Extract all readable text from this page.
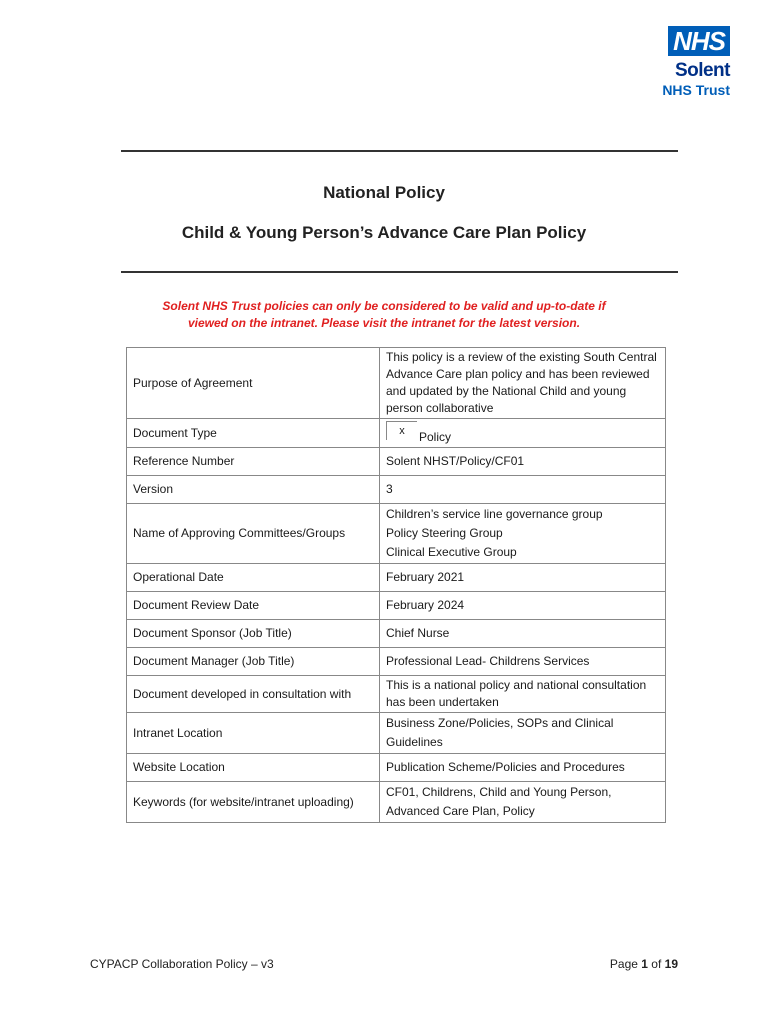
NHS
Solent
NHS Trust
National Policy
Child & Young Person’s Advance Care Plan Policy
Solent NHS Trust policies can only be considered to be valid and up-to-date if
viewed on the intranet. Please visit the intranet for the latest version.
Purpose of Agreement	This policy is a review of the existing South Central Advance Care plan policy and has been reviewed and updated by the National Child and young person collaborative
Document Type	x Policy
Reference Number	Solent NHST/Policy/CF01
Version	3
Name of Approving Committees/Groups	Children’s service line governance group
Policy Steering Group
Clinical Executive Group

Operational Date	February 2021
Document Review Date	February 2024
Document Sponsor (Job Title)	Chief Nurse
Document Manager (Job Title)	Professional Lead- Childrens Services
Document developed in consultation with	This is a national policy and national consultation has been undertaken
Intranet Location	Business Zone/Policies, SOPs and Clinical Guidelines
Website Location	Publication Scheme/Policies and Procedures
Keywords (for website/intranet uploading)	CF01, Childrens, Child and Young Person, Advanced Care Plan, Policy
CYPACP Collaboration Policy – v3	Page 1 of 19
